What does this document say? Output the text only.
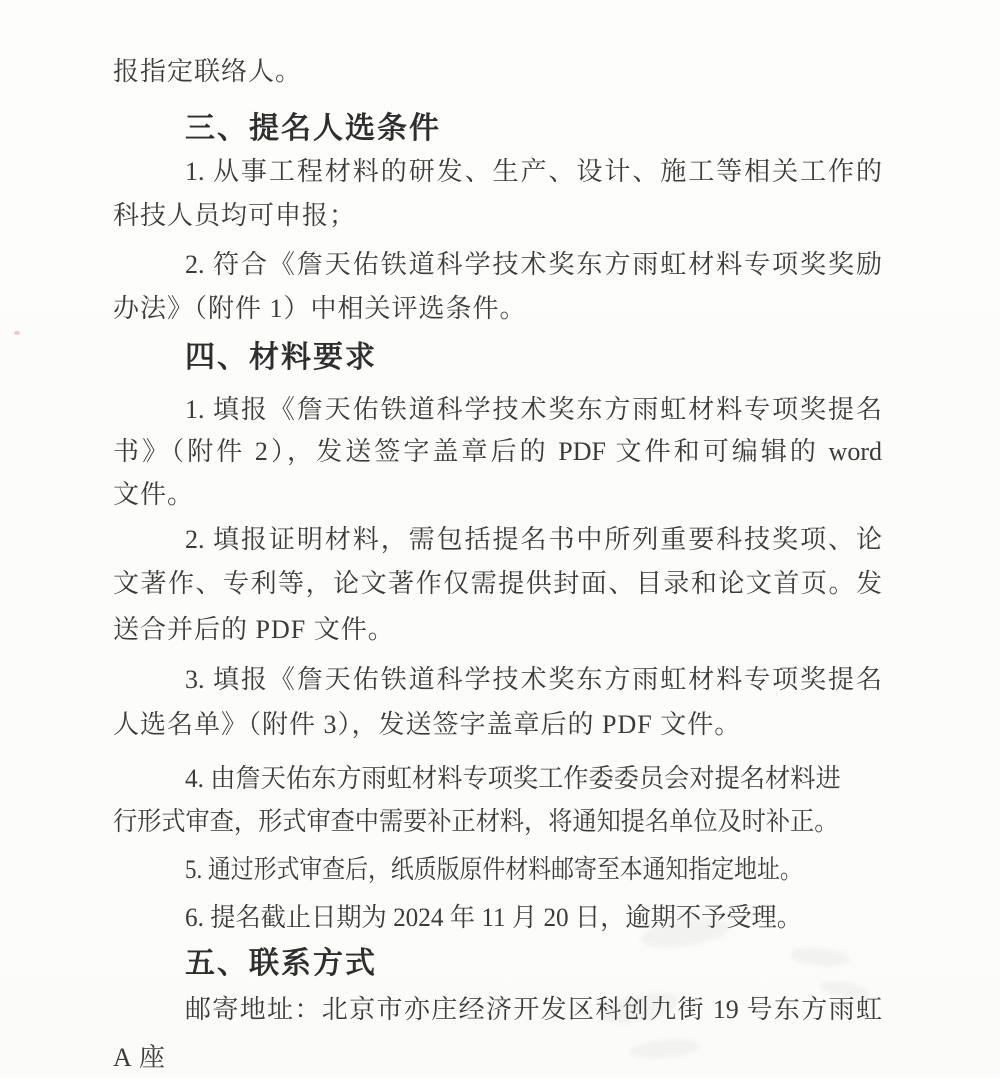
报指定联络人。

三、提名人选条件

1. 从事工程材料的研发、生产、设计、施工等相关工作的

科技人员均可申报；

2. 符合《詹天佑铁道科学技术奖东方雨虹材料专项奖奖励

办法》（附件 1）中相关评选条件。

四、材料要求

1. 填报《詹天佑铁道科学技术奖东方雨虹材料专项奖提名

书》（附件 2），发送签字盖章后的 PDF 文件和可编辑的 word

文件。

2. 填报证明材料，需包括提名书中所列重要科技奖项、论

文著作、专利等，论文著作仅需提供封面、目录和论文首页。发

送合并后的 PDF 文件。

3. 填报《詹天佑铁道科学技术奖东方雨虹材料专项奖提名

人选名单》（附件 3），发送签字盖章后的 PDF 文件。

4. 由詹天佑东方雨虹材料专项奖工作委委员会对提名材料进

行形式审查，形式审查中需要补正材料，将通知提名单位及时补正。

5. 通过形式审查后，纸质版原件材料邮寄至本通知指定地址。

6. 提名截止日期为 2024 年 11 月 20 日，逾期不予受理。

五、联系方式

邮寄地址：北京市亦庄经济开发区科创九街 19 号东方雨虹

A 座
